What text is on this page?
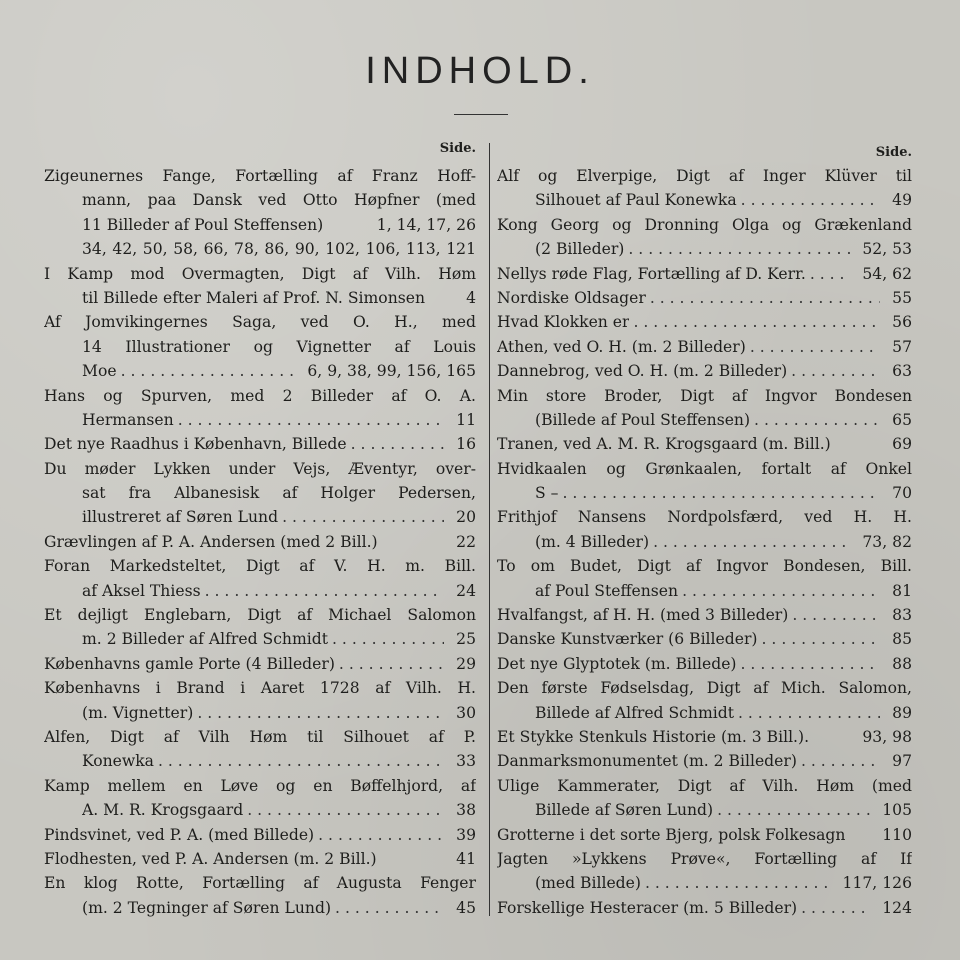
INDHOLD.
Side.
Zigeunernes Fange, Fortælling af Franz Hoff-
mann, paa Dansk ved Otto Høpfner (med
11 Billeder af Poul Steffensen)	1, 14, 17, 26
34, 42, 50, 58, 66, 78, 86, 90, 102, 106, 113, 121
I Kamp mod Overmagten, Digt af Vilh. Høm
til Billede efter Maleri af Prof. N. Simonsen	4
Af Jomvikingernes Saga, ved O. H., med
14 Illustrationer og Vignetter af Louis
Moe . . .	6, 9, 38, 99, 156, 165
Hans og Spurven, med 2 Billeder af O. A.
Hermansen . . .	11
Det nye Raadhus i København, Billede . . .	16
Du møder Lykken under Vejs, Æventyr, over-
sat fra Albanesisk af Holger Pedersen,
illustreret af Søren Lund . . .	20
Grævlingen af P. A. Andersen (med 2 Bill.)	22
Foran Markedsteltet, Digt af V. H. m. Bill.
af Aksel Thiess . . .	24
Et dejligt Englebarn, Digt af Michael Salomon
m. 2 Billeder af Alfred Schmidt . . .	25
Københavns gamle Porte (4 Billeder) . . .	29
Københavns i Brand i Aaret 1728 af Vilh. H.
(m. Vignetter) . . .	30
Alfen, Digt af Vilh Høm til Silhouet af P.
Konewka . . .	33
Kamp mellem en Løve og en Bøffelhjord, af
A. M. R. Krogsgaard . . .	38
Pindsvinet, ved P. A. (med Billede) . . .	39
Flodhesten, ved P. A. Andersen (m. 2 Bill.)	41
En klog Rotte, Fortælling af Augusta Fenger
(m. 2 Tegninger af Søren Lund) . . .	45
Side.
Alf og Elverpige, Digt af Inger Klüver til
Silhouet af Paul Konewka . . .	49
Kong Georg og Dronning Olga og Grækenland
(2 Billeder) . . .	52, 53
Nellys røde Flag, Fortælling af D. Kerr. . . .	54, 62
Nordiske Oldsager . . .	55
Hvad Klokken er . . .	56
Athen, ved O. H. (m. 2 Billeder) . . .	57
Dannebrog, ved O. H. (m. 2 Billeder) . . .	63
Min store Broder, Digt af Ingvor Bondesen
(Billede af Poul Steffensen) . . .	65
Tranen, ved A. M. R. Krogsgaard (m. Bill.)	69
Hvidkaalen og Grønkaalen, fortalt af Onkel
S – . . .	70
Frithjof Nansens Nordpolsfærd, ved H. H.
(m. 4 Billeder) . . .	73, 82
To om Budet, Digt af Ingvor Bondesen, Bill.
af Poul Steffensen . . .	81
Hvalfangst, af H. H. (med 3 Billeder) . . .	83
Danske Kunstværker (6 Billeder) . . .	85
Det nye Glyptotek (m. Billede) . . .	88
Den første Fødselsdag, Digt af Mich. Salomon,
Billede af Alfred Schmidt . . .	89
Et Stykke Stenkuls Historie (m. 3 Bill.).	93, 98
Danmarksmonumentet (m. 2 Billeder) . . .	97
Ulige Kammerater, Digt af Vilh. Høm (med
Billede af Søren Lund) . . .	105
Grotterne i det sorte Bjerg, polsk Folkesagn	110
Jagten »Lykkens Prøve«, Fortælling af If
(med Billede) . . .	117, 126
Forskellige Hesteracer (m. 5 Billeder) . . .	124
